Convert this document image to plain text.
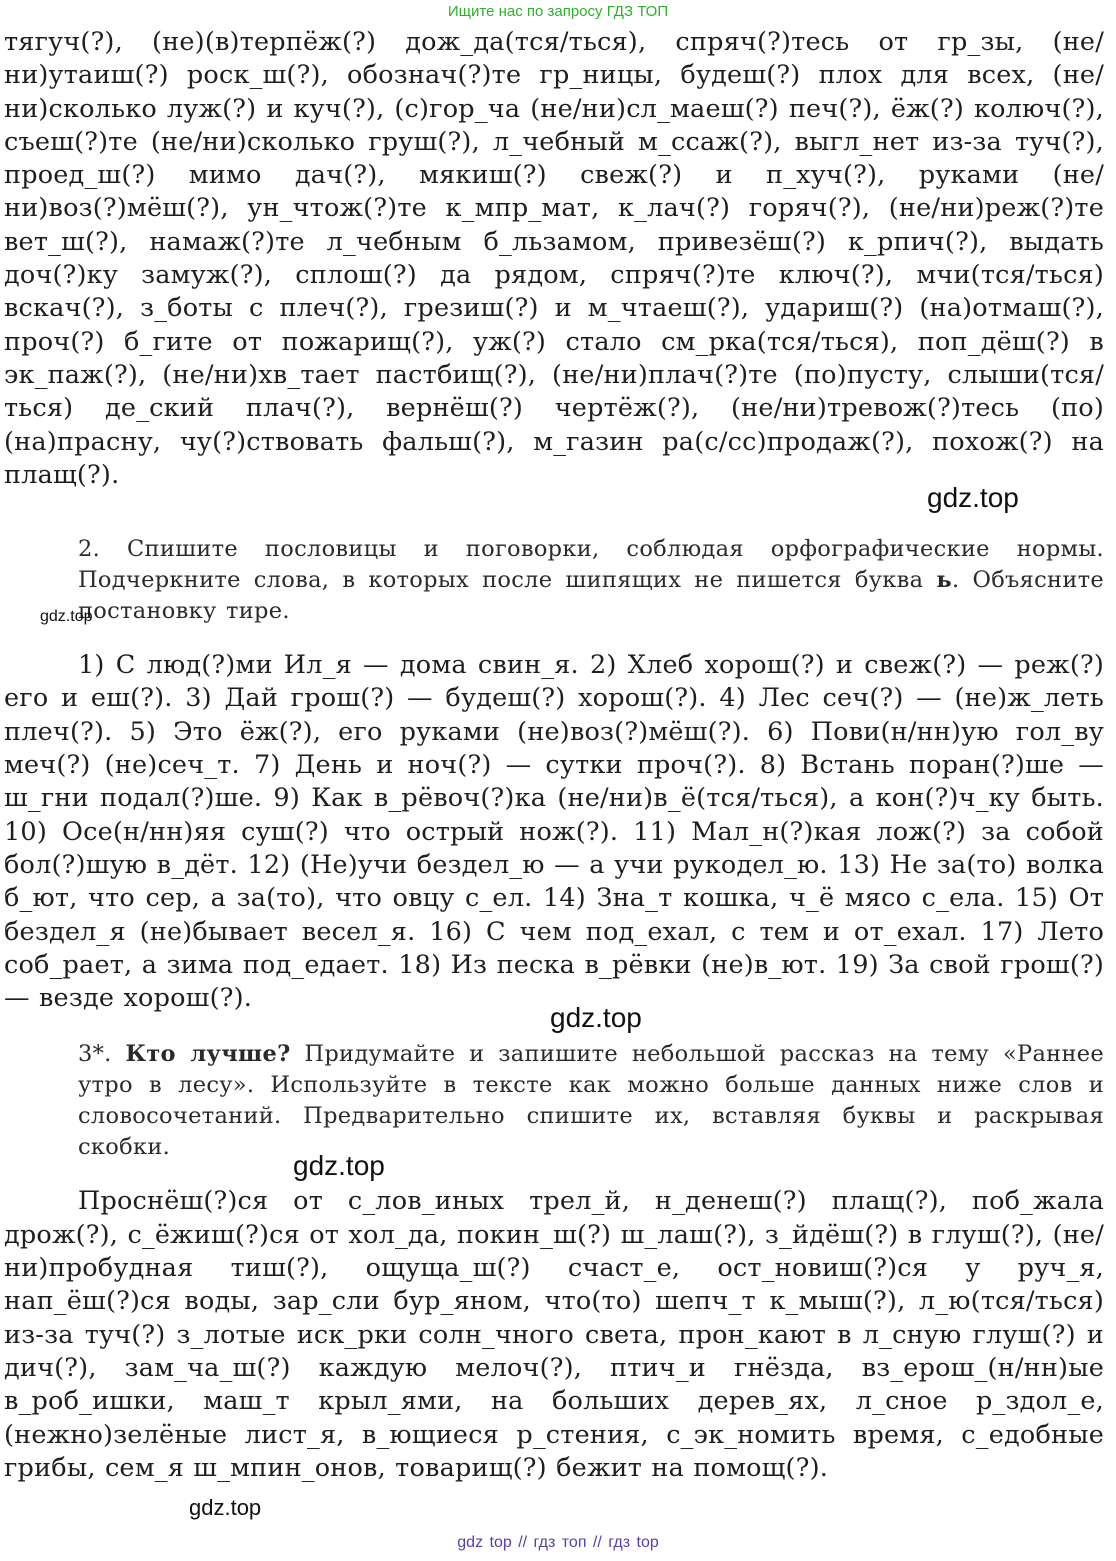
Ищите нас по запросу ГДЗ ТОП

тягуч(?), (не)(в)терпёж(?) дож_да(тся/ться), спряч(?)тесь от гр_зы, (не/ни)утаиш(?) роск_ш(?), обознач(?)те гр_ницы, будеш(?) плох для всех, (не/ни)сколько луж(?) и куч(?), (с)гор_ча (не/ни)сл_маеш(?) печ(?), ёж(?) колюч(?), съеш(?)те (не/ни)сколько груш(?), л_чебный м_ссаж(?), выгл_нет из-за туч(?), проед_ш(?) мимо дач(?), мякиш(?) свеж(?) и п_хуч(?), руками (не/ни)воз(?)мёш(?), ун_чтож(?)те к_мпр_мат, к_лач(?) горяч(?), (не/ни)реж(?)те вет_ш(?), намаж(?)те л_чебным б_льзамом, привезёш(?) к_рпич(?), выдать доч(?)ку замуж(?), сплош(?) да рядом, спряч(?)те ключ(?), мчи(тся/ться) вскач(?), з_боты с плеч(?), грезиш(?) и м_чтаеш(?), удариш(?) (на)отмаш(?), проч(?) б_гите от пожарищ(?), уж(?) стало см_рка(тся/ться), поп_дёш(?) в эк_паж(?), (не/ни)хв_тает пастбищ(?), (не/ни)плач(?)те (по)пусту, слыши(тся/ться) де_ский плач(?), вернёш(?) чертёж(?), (не/ни)тревож(?)тесь (по)(на)прасну, чу(?)ствовать фальш(?), м_газин ра(с/сс)продаж(?), похож(?) на плащ(?).

2. Спишите пословицы и поговорки, соблюдая орфографические нормы. Подчеркните слова, в которых после шипящих не пишется буква ь. Объясните постановку тире.

1) С люд(?)ми Ил_я — дома свин_я. 2) Хлеб хорош(?) и свеж(?) — реж(?) его и еш(?). 3) Дай грош(?) — будеш(?) хорош(?). 4) Лес сеч(?) — (не)ж_леть плеч(?). 5) Это ёж(?), его руками (не)воз(?)мёш(?). 6) Пови(н/нн)ую гол_ву меч(?) (не)сеч_т. 7) День и ноч(?) — сутки проч(?). 8) Встань поран(?)ше — ш_гни подал(?)ше. 9) Как в_рёвоч(?)ка (не/ни)в_ё(тся/ться), а кон(?)ч_ку быть. 10) Осе(н/нн)яя суш(?) что острый нож(?). 11) Мал_н(?)кая лож(?) за собой бол(?)шую в_дёт. 12) (Не)учи бездел_ю — а учи рукодел_ю. 13) Не за(то) волка б_ют, что сер, а за(то), что овцу с_ел. 14) Зна_т кошка, ч_ё мясо с_ела. 15) От бездел_я (не)бывает весел_я. 16) С чем под_ехал, с тем и от_ехал. 17) Лето соб_рает, а зима под_едает. 18) Из песка в_рёвки (не)в_ют. 19) За свой грош(?) — везде хорош(?).

3*. Кто лучше? Придумайте и запишите небольшой рассказ на тему «Раннее утро в лесу». Используйте в тексте как можно больше данных ниже слов и словосочетаний. Предварительно спишите их, вставляя буквы и раскрывая скобки.

Проснёш(?)ся от с_лов_иных трел_й, н_денеш(?) плащ(?), поб_жала дрож(?), с_ёжиш(?)ся от хол_да, покин_ш(?) ш_лаш(?), з_йдёш(?) в глуш(?), (не/ни)пробудная тиш(?), ощуща_ш(?) счаст_е, ост_новиш(?)ся у руч_я, нап_ёш(?)ся воды, зар_сли бур_яном, что(то) шепч_т к_мыш(?), л_ю(тся/ться) из-за туч(?) з_лотые иск_рки солн_чного света, прон_кают в л_сную глуш(?) и дич(?), зам_ча_ш(?) каждую мелоч(?), птич_и гнёзда, вз_ерош_(н/нн)ые в_роб_ишки, маш_т крыл_ями, на больших дерев_ях, л_сное р_здол_е, (нежно)зелёные лист_я, в_ющиеся р_стения, с_эк_номить время, с_едобные грибы, сем_я ш_мпин_онов, товарищ(?) бежит на помощ(?).

gdz.top
gdz.top
gdz.top
gdz.top
gdz.top
gdz top // гдз топ // гдз top
